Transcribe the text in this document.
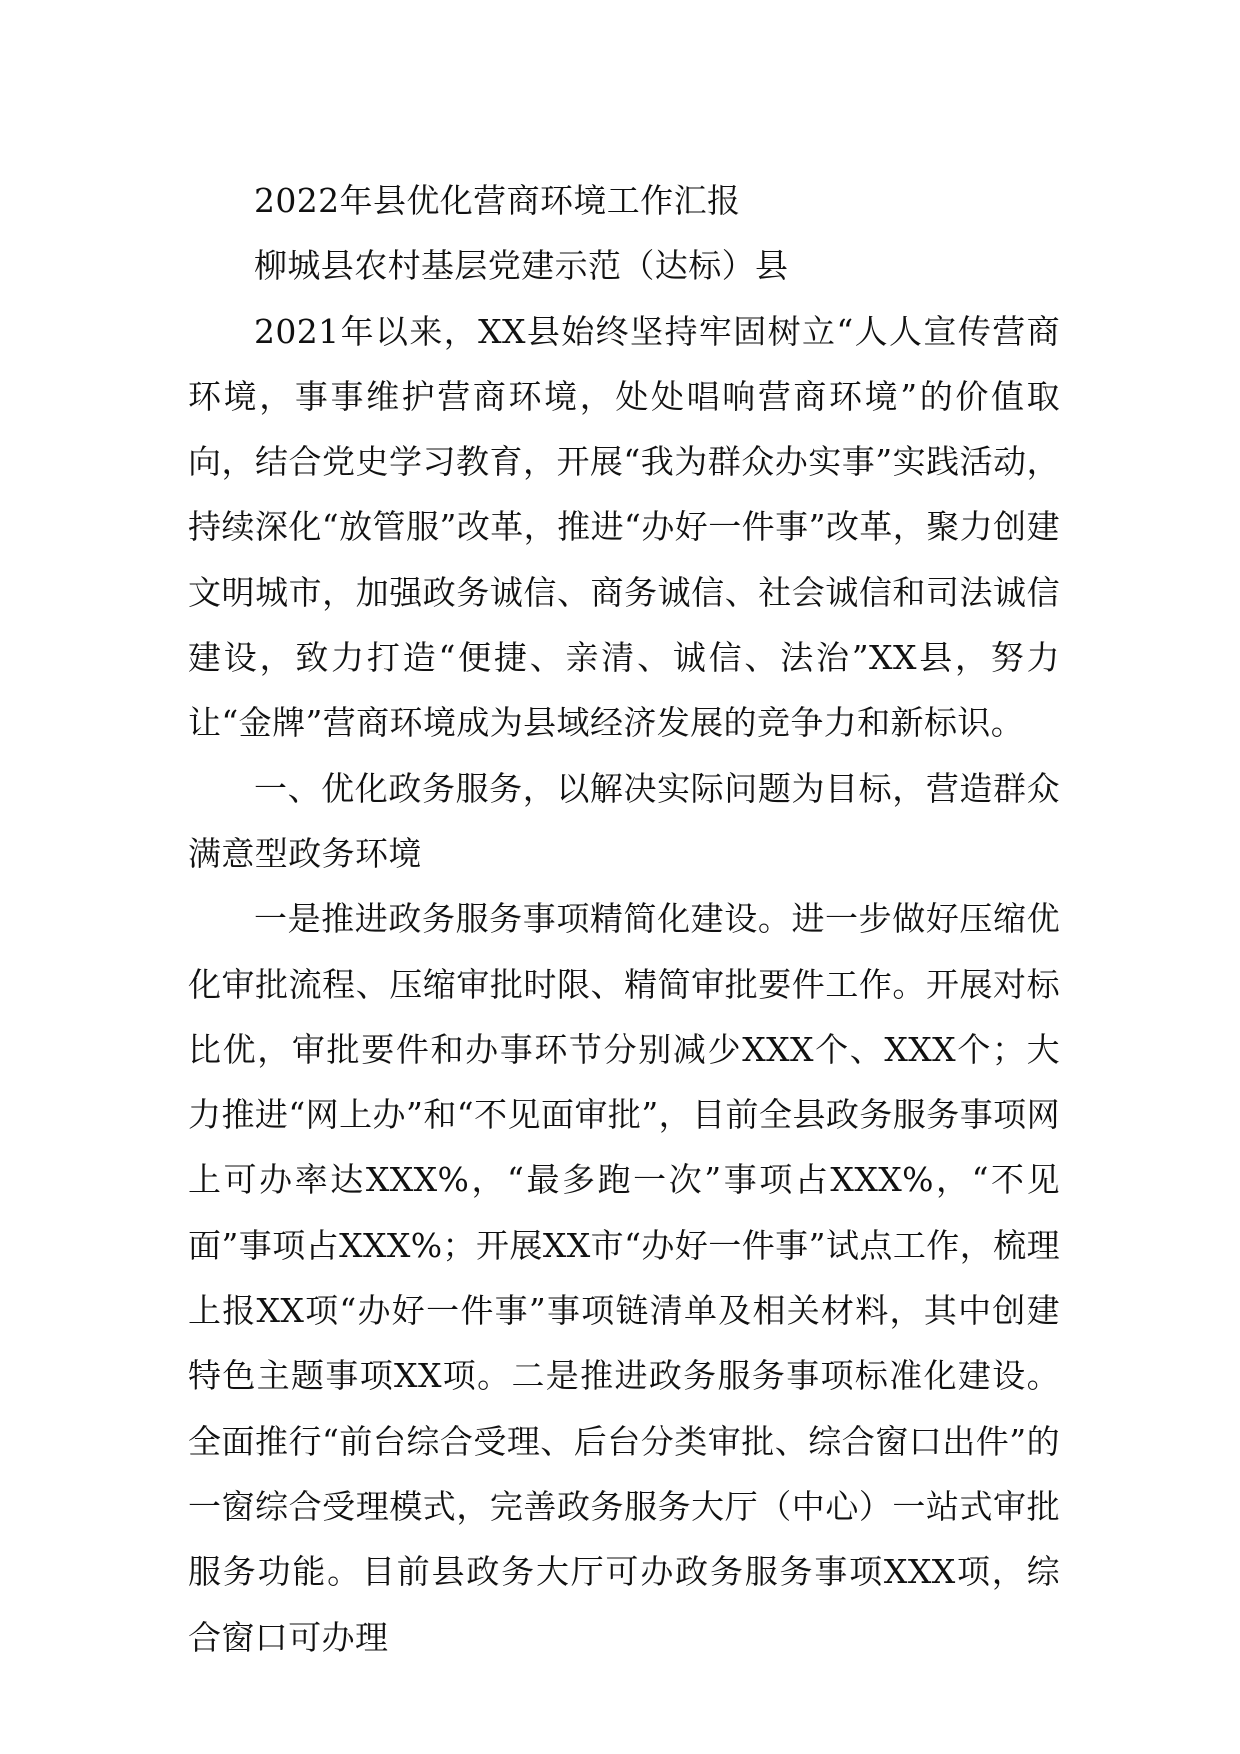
2022年县优化营商环境工作汇报

柳城县农村基层党建示范（达标）县

2021年以来，XX县始终坚持牢固树立“人人宣传营商环境，事事维护营商环境，处处唱响营商环境”的价值取向，结合党史学习教育，开展“我为群众办实事”实践活动，持续深化“放管服”改革，推进“办好一件事”改革，聚力创建文明城市，加强政务诚信、商务诚信、社会诚信和司法诚信建设，致力打造“便捷、亲清、诚信、法治”XX县，努力让“金牌”营商环境成为县域经济发展的竞争力和新标识。

一、优化政务服务，以解决实际问题为目标，营造群众满意型政务环境

一是推进政务服务事项精简化建设。进一步做好压缩优化审批流程、压缩审批时限、精简审批要件工作。开展对标比优，审批要件和办事环节分别减少XXX个、XXX个；大力推进“网上办”和“不见面审批”，目前全县政务服务事项网上可办率达XXX%，“最多跑一次”事项占XXX%，“不见面”事项占XXX%；开展XX市“办好一件事”试点工作，梳理上报XX项“办好一件事”事项链清单及相关材料，其中创建特色主题事项XX项。二是推进政务服务事项标准化建设。全面推行“前台综合受理、后台分类审批、综合窗口出件”的一窗综合受理模式，完善政务服务大厅（中心）一站式审批服务功能。目前县政务大厅可办政务服务事项XXX项，综合窗口可办理
